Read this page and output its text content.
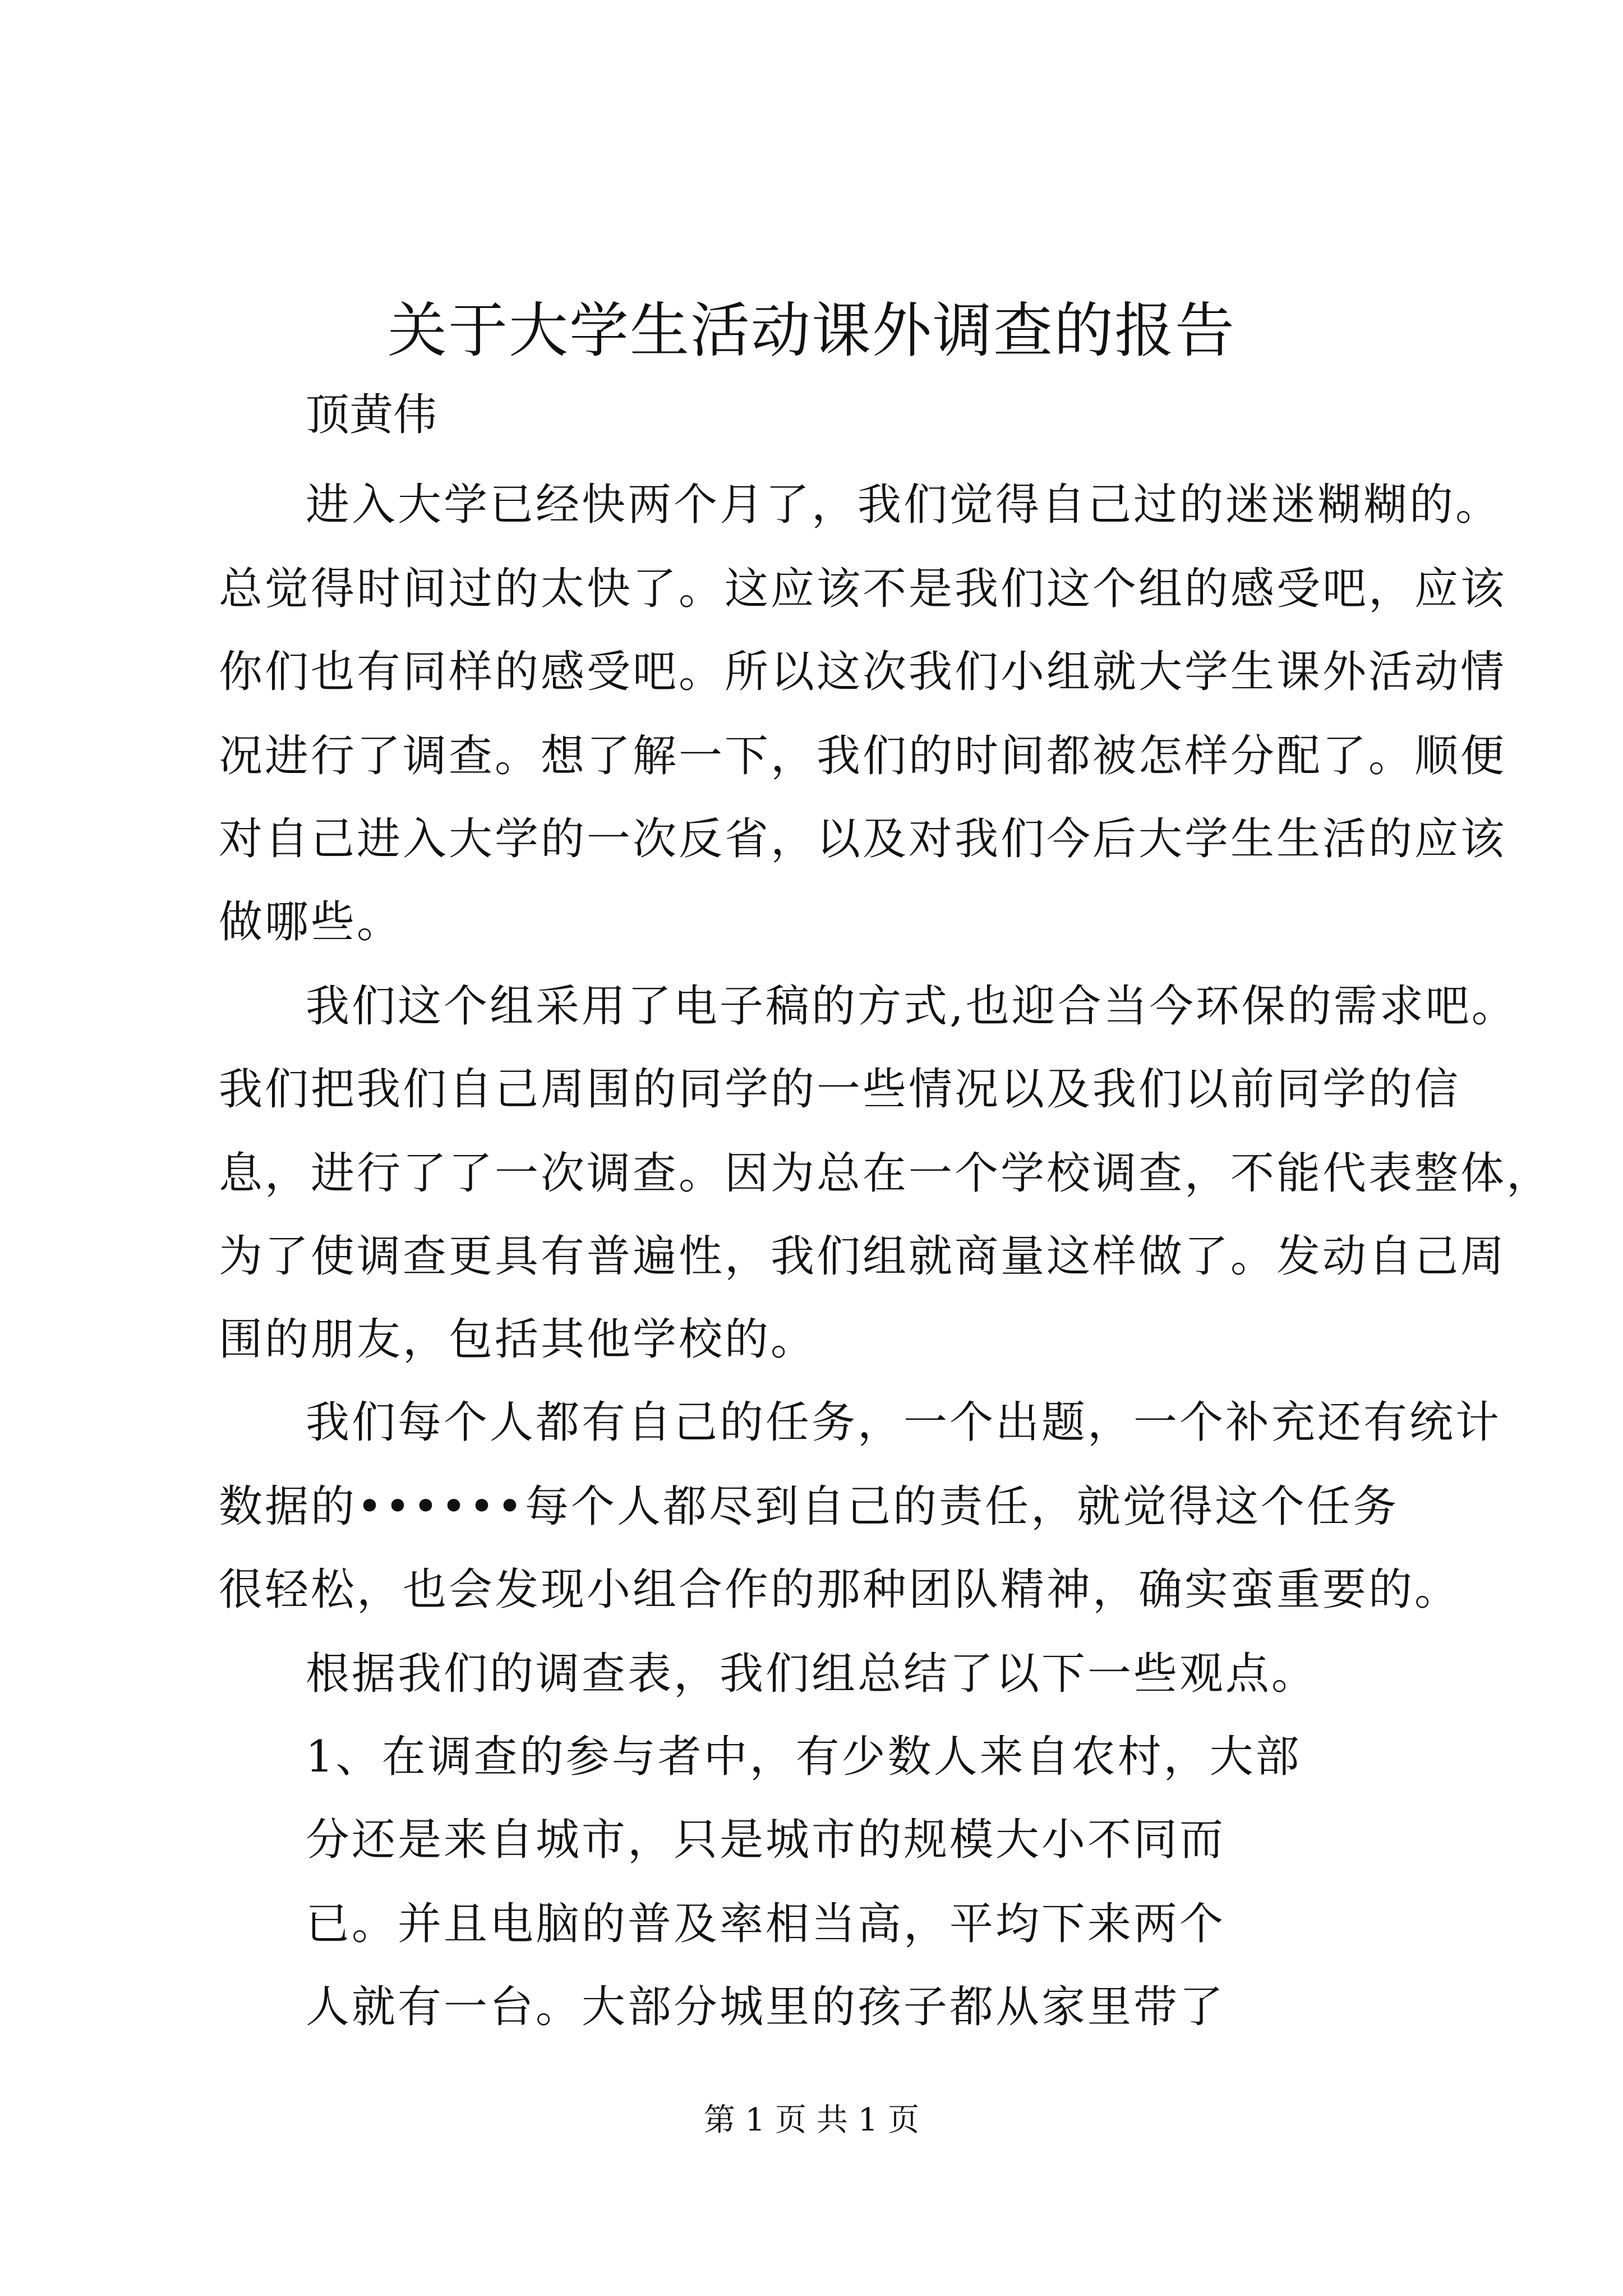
关于大学生活动课外调查的报告
顶黄伟
进入大学已经快两个月了，我们觉得自己过的迷迷糊糊的。
总觉得时间过的太快了。这应该不是我们这个组的感受吧，应该
你们也有同样的感受吧。所以这次我们小组就大学生课外活动情
况进行了调查。想了解一下，我们的时间都被怎样分配了。顺便
对自己进入大学的一次反省，以及对我们今后大学生生活的应该
做哪些。
我们这个组采用了电子稿的方式,也迎合当今环保的需求吧。
我们把我们自己周围的同学的一些情况以及我们以前同学的信
息，进行了了一次调查。因为总在一个学校调查，不能代表整体，
为了使调查更具有普遍性，我们组就商量这样做了。发动自己周
围的朋友，包括其他学校的。
我们每个人都有自己的任务，一个出题，一个补充还有统计
数据的••••••每个人都尽到自己的责任，就觉得这个任务
很轻松，也会发现小组合作的那种团队精神，确实蛮重要的。
根据我们的调查表，我们组总结了以下一些观点。
1、在调查的参与者中，有少数人来自农村，大部
分还是来自城市，只是城市的规模大小不同而
已。并且电脑的普及率相当高，平均下来两个
人就有一台。大部分城里的孩子都从家里带了
第 1 页 共 1 页
